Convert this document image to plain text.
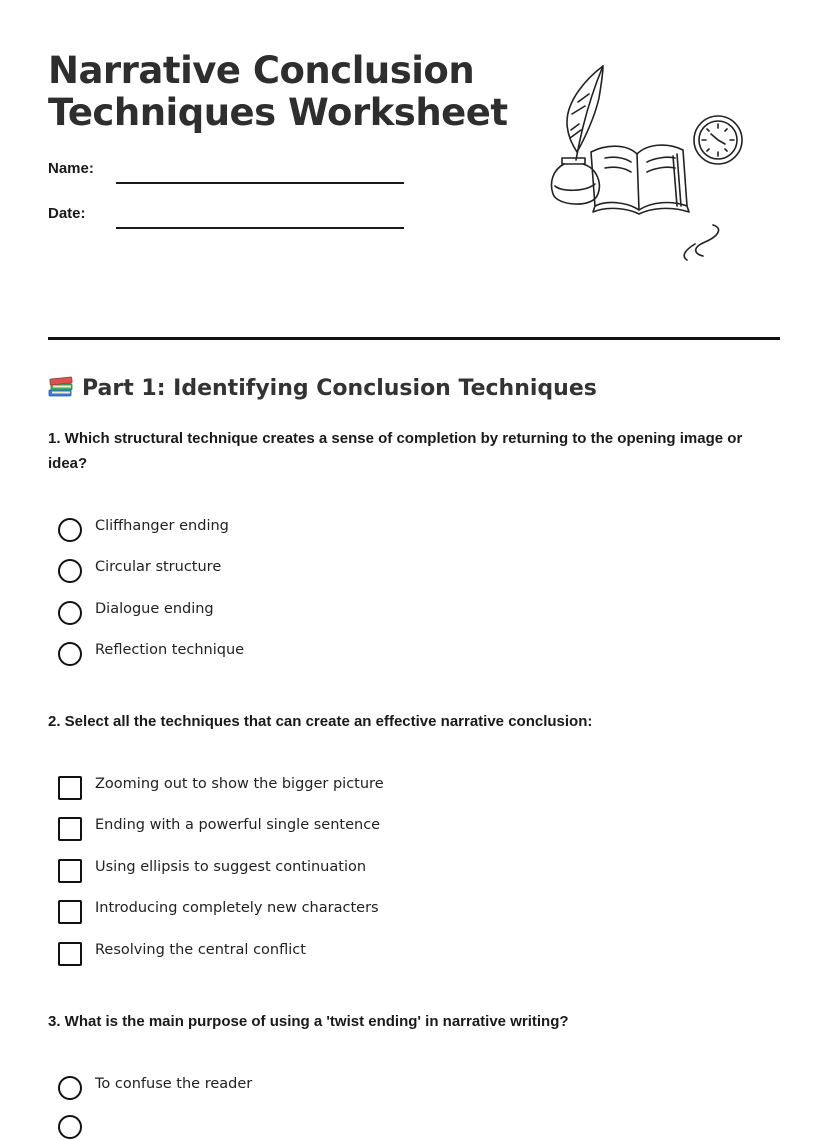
Narrative Conclusion
Techniques Worksheet
Name:
Date:
Part 1: Identifying Conclusion Techniques

1. Which structural technique creates a sense of completion by returning to the opening image or idea?

Cliffhanger ending
Circular structure
Dialogue ending
Reflection technique

2. Select all the techniques that can create an effective narrative conclusion:

Zooming out to show the bigger picture
Ending with a powerful single sentence
Using ellipsis to suggest continuation
Introducing completely new characters
Resolving the central conflict

3. What is the main purpose of using a 'twist ending' in narrative writing?

To confuse the reader
